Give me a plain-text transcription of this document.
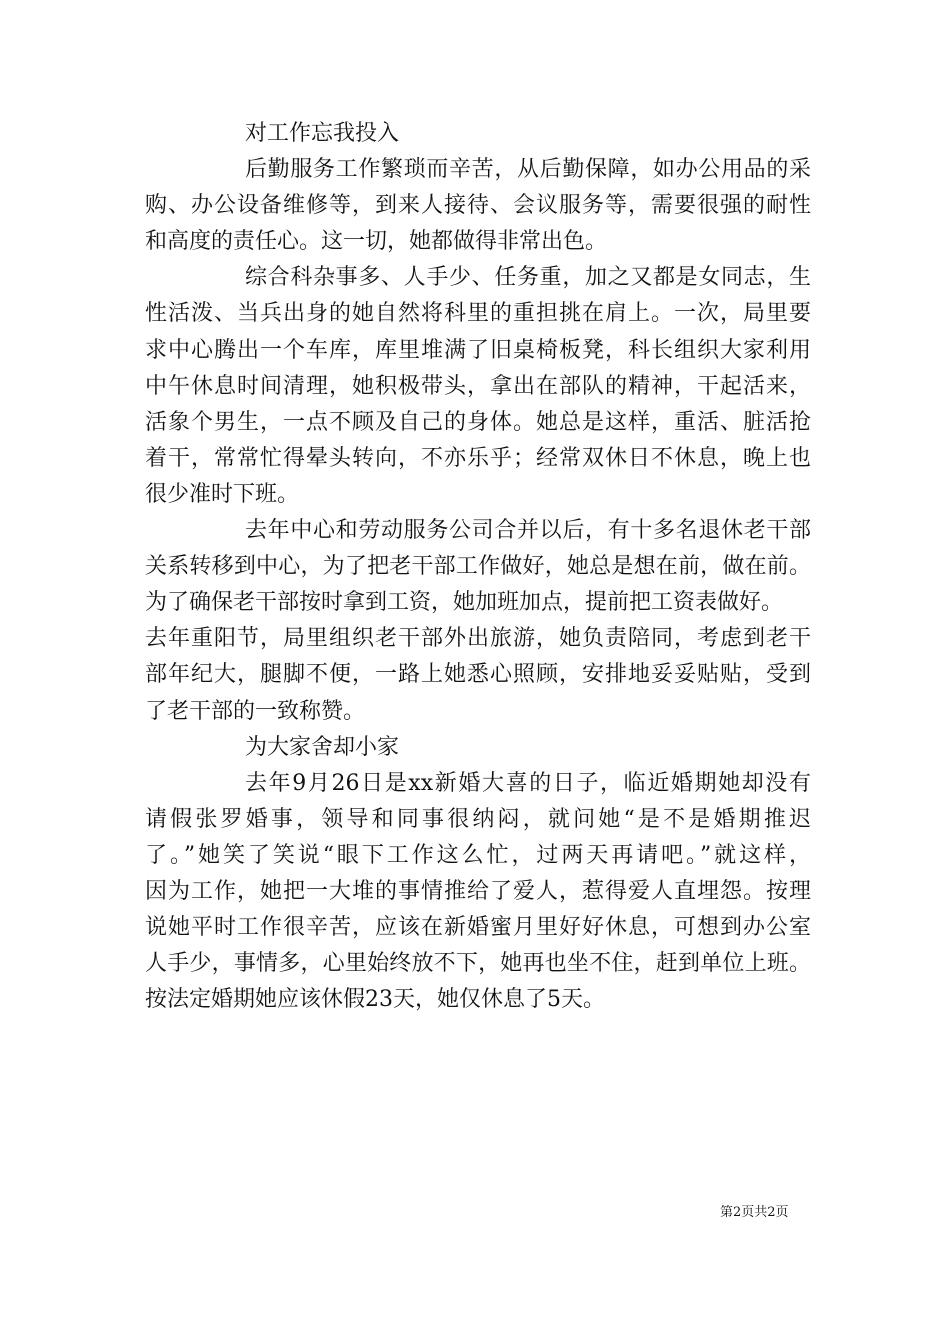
对工作忘我投入
后勤服务工作繁琐而辛苦，从后勤保障，如办公用品的采
购、办公设备维修等，到来人接待、会议服务等，需要很强的耐性
和高度的责任心。这一切，她都做得非常出色。
综合科杂事多、人手少、任务重，加之又都是女同志，生
性活泼、当兵出身的她自然将科里的重担挑在肩上。一次，局里要
求中心腾出一个车库，库里堆满了旧桌椅板凳，科长组织大家利用
中午休息时间清理，她积极带头，拿出在部队的精神，干起活来，
活象个男生，一点不顾及自己的身体。她总是这样，重活、脏活抢
着干，常常忙得晕头转向，不亦乐乎；经常双休日不休息，晚上也
很少准时下班。
去年中心和劳动服务公司合并以后，有十多名退休老干部
关系转移到中心，为了把老干部工作做好，她总是想在前，做在前。
为了确保老干部按时拿到工资，她加班加点，提前把工资表做好。
去年重阳节，局里组织老干部外出旅游，她负责陪同，考虑到老干
部年纪大，腿脚不便，一路上她悉心照顾，安排地妥妥贴贴，受到
了老干部的一致称赞。
为大家舍却小家
去年9月26日是xx新婚大喜的日子，临近婚期她却没有
请假张罗婚事，领导和同事很纳闷，就问她“是不是婚期推迟
了。”她笑了笑说“眼下工作这么忙，过两天再请吧。”就这样，
因为工作，她把一大堆的事情推给了爱人，惹得爱人直埋怨。按理
说她平时工作很辛苦，应该在新婚蜜月里好好休息，可想到办公室
人手少，事情多，心里始终放不下，她再也坐不住，赶到单位上班。
按法定婚期她应该休假23天，她仅休息了5天。
第2页共2页
